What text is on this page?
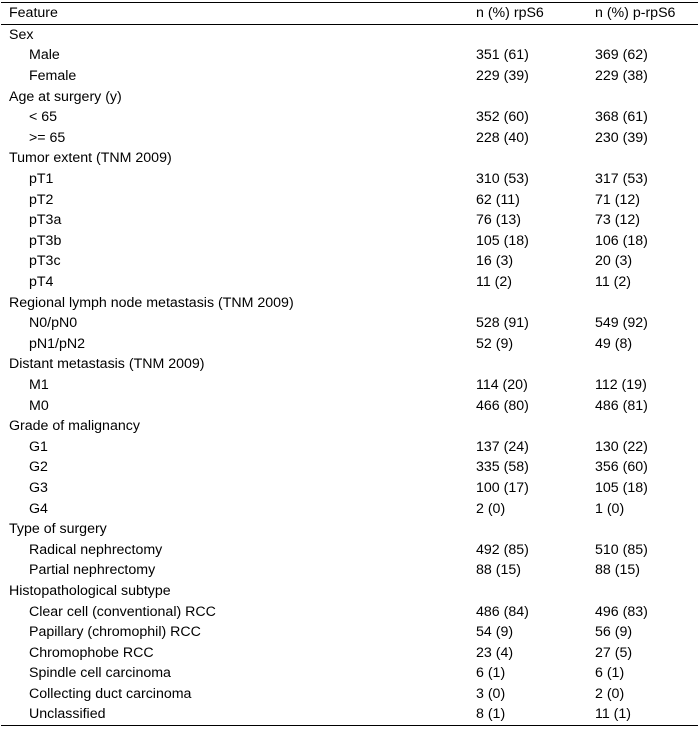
Feature	n (%) rpS6	n (%) p-rpS6
Sex		
Male	351 (61)	369 (62)
Female	229 (39)	229 (38)
Age at surgery (y)		
< 65	352 (60)	368 (61)
>= 65	228 (40)	230 (39)
Tumor extent (TNM 2009)		
pT1	310 (53)	317 (53)
pT2	62 (11)	71 (12)
pT3a	76 (13)	73 (12)
pT3b	105 (18)	106 (18)
pT3c	16 (3)	20 (3)
pT4	11 (2)	11 (2)
Regional lymph node metastasis (TNM 2009)		
N0/pN0	528 (91)	549 (92)
pN1/pN2	52 (9)	49 (8)
Distant metastasis (TNM 2009)		
M1	114 (20)	112 (19)
M0	466 (80)	486 (81)
Grade of malignancy		
G1	137 (24)	130 (22)
G2	335 (58)	356 (60)
G3	100 (17)	105 (18)
G4	2 (0)	1 (0)
Type of surgery		
Radical nephrectomy	492 (85)	510 (85)
Partial nephrectomy	88 (15)	88 (15)
Histopathological subtype		
Clear cell (conventional) RCC	486 (84)	496 (83)
Papillary (chromophil) RCC	54 (9)	56 (9)
Chromophobe RCC	23 (4)	27 (5)
Spindle cell carcinoma	6 (1)	6 (1)
Collecting duct carcinoma	3 (0)	2 (0)
Unclassified	8 (1)	11 (1)
